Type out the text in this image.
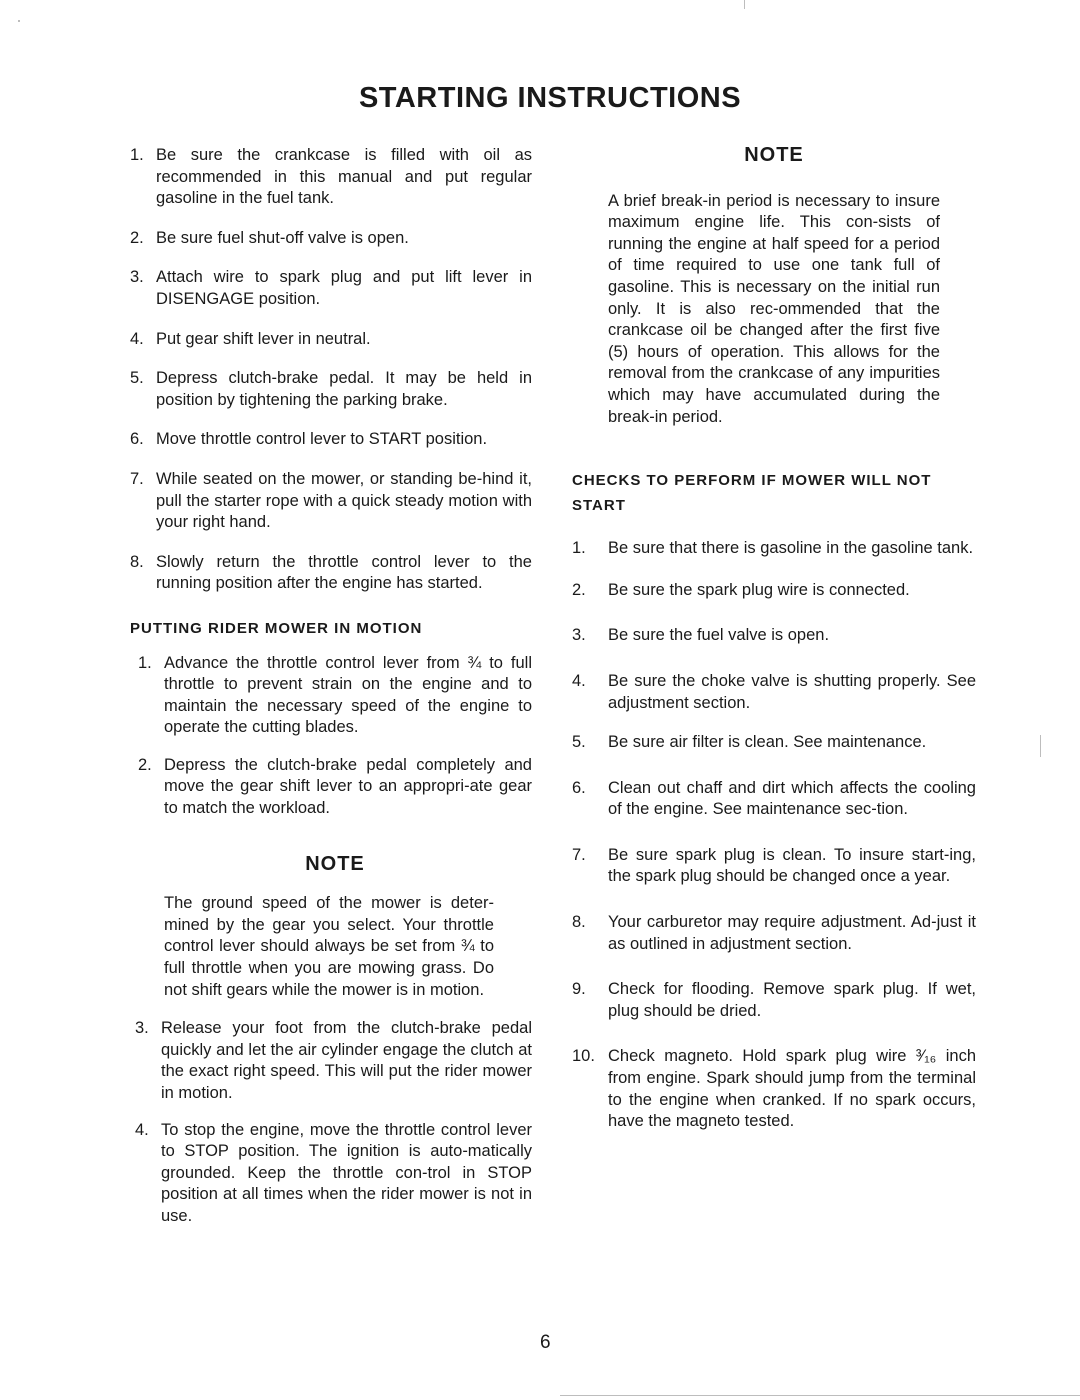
STARTING INSTRUCTIONS
1. Be sure the crankcase is filled with oil as recommended in this manual and put regular gasoline in the fuel tank.
2. Be sure fuel shut-off valve is open.
3. Attach wire to spark plug and put lift lever in DISENGAGE position.
4. Put gear shift lever in neutral.
5. Depress clutch-brake pedal. It may be held in position by tightening the parking brake.
6. Move throttle control lever to START position.
7. While seated on the mower, or standing be-hind it, pull the starter rope with a quick steady motion with your right hand.
8. Slowly return the throttle control lever to the running position after the engine has started.
PUTTING RIDER MOWER IN MOTION
1. Advance the throttle control lever from ¾ to full throttle to prevent strain on the engine and to maintain the necessary speed of the engine to operate the cutting blades.
2. Depress the clutch-brake pedal completely and move the gear shift lever to an appropri-ate gear to match the workload.
NOTE

The ground speed of the mower is deter-mined by the gear you select. Your throttle control lever should always be set from ¾ to full throttle when you are mowing grass. Do not shift gears while the mower is in motion.

3. Release your foot from the clutch-brake pedal quickly and let the air cylinder engage the clutch at the exact right speed. This will put the rider mower in motion.
4. To stop the engine, move the throttle control lever to STOP position. The ignition is auto-matically grounded. Keep the throttle con-trol in STOP position at all times when the rider mower is not in use.
NOTE

A brief break-in period is necessary to insure maximum engine life. This con-sists of running the engine at half speed for a period of time required to use one tank full of gasoline. This is necessary on the initial run only. It is also rec-ommended that the crankcase oil be changed after the first five (5) hours of operation. This allows for the removal from the crankcase of any impurities which may have accumulated during the break-in period.

CHECKS TO PERFORM IF MOWER WILL NOT START
1.	Be sure that there is gasoline in the gasoline tank.
2.	Be sure the spark plug wire is connected.
3.	Be sure the fuel valve is open.
4.	Be sure the choke valve is shutting properly. See adjustment section.
5.	Be sure air filter is clean. See maintenance.
6.	Clean out chaff and dirt which affects the cooling of the engine. See maintenance sec-tion.
7.	Be sure spark plug is clean. To insure start-ing, the spark plug should be changed once a year.
8.	Your carburetor may require adjustment. Ad-just it as outlined in adjustment section.
9.	Check for flooding. Remove spark plug. If wet, plug should be dried.
10. Check magneto. Hold spark plug wire ³⁄₁₆ inch from engine. Spark should jump from the terminal to the engine when cranked. If no spark occurs, have the magneto tested.
6
